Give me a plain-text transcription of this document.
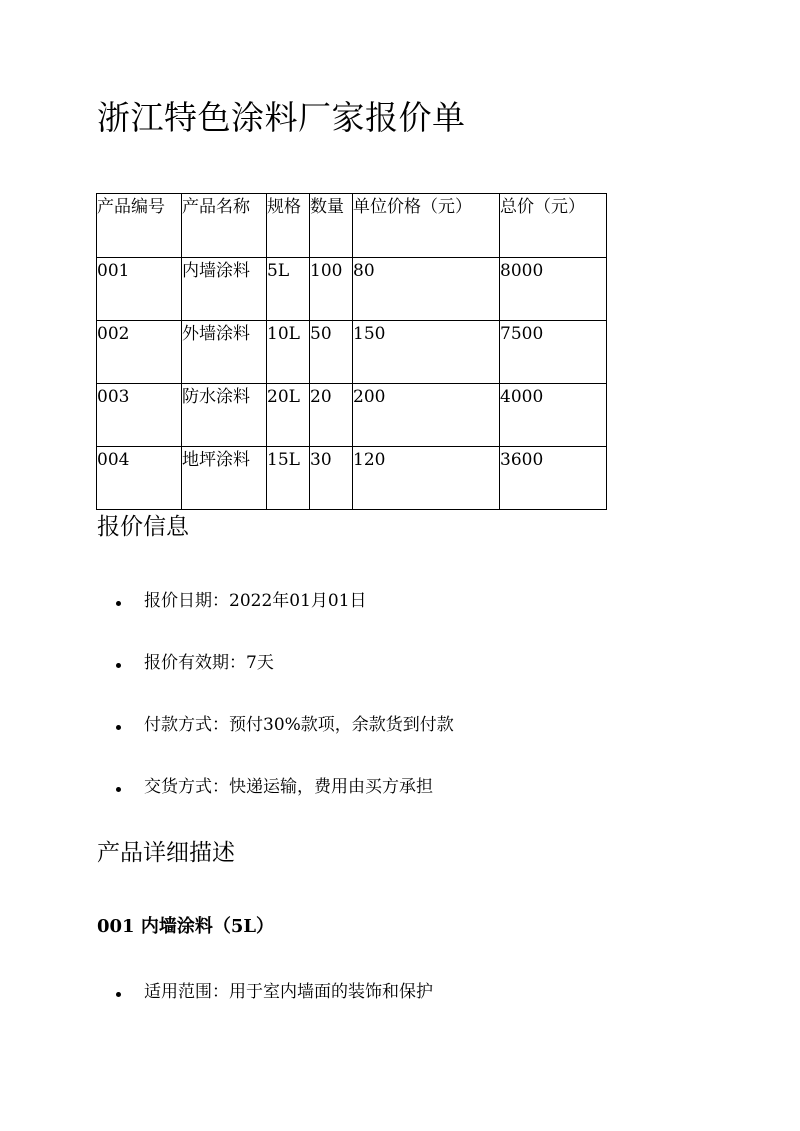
浙江特色涂料厂家报价单
产品编号	产品名称	规格	数量	单位价格（元）	总价（元）
001	内墙涂料	5L	100	80	8000
002	外墙涂料	10L	50	150	7500
003	防水涂料	20L	20	200	4000
004	地坪涂料	15L	30	120	3600
报价信息
报价日期：2022年01月01日
报价有效期：7天
付款方式：预付30%款项，余款货到付款
交货方式：快递运输，费用由买方承担
产品详细描述
001 内墙涂料（5L）
适用范围：用于室内墙面的装饰和保护
